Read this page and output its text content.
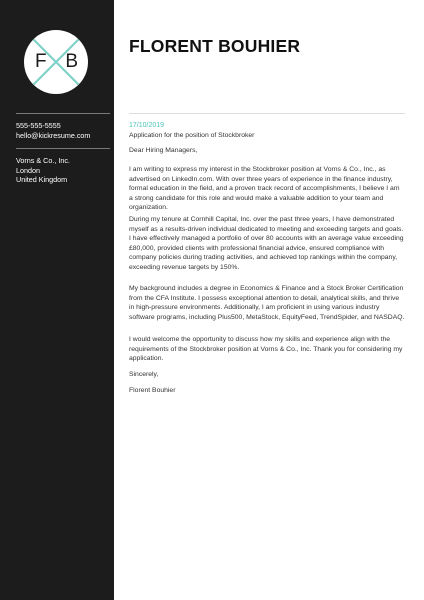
F B
555-555-5555
hello@kickresume.com
Vorns & Co., Inc.
London
United Kingdom
FLORENT BOUHIER
17/10/2019

Application for the position of Stockbroker

Dear Hiring Managers,

I am writing to express my interest in the Stockbroker position at Vorns & Co., Inc., as advertised on LinkedIn.com. With over three years of experience in the finance industry, formal education in the field, and a proven track record of accomplishments, I believe I am a strong candidate for this role and would make a valuable addition to your team and organization.

During my tenure at Cornhill Capital, Inc. over the past three years, I have demonstrated myself as a results-driven individual dedicated to meeting and exceeding targets and goals. I have effectively managed a portfolio of over 80 accounts with an average value exceeding £80,000, provided clients with professional financial advice, ensured compliance with company policies during trading activities, and achieved top rankings within the company, exceeding revenue targets by 150%.

My background includes a degree in Economics & Finance and a Stock Broker Certification from the CFA Institute. I possess exceptional attention to detail, analytical skills, and thrive in high-pressure environments. Additionally, I am proficient in using various industry software programs, including Plus500, MetaStock, EquityFeed, TrendSpider, and NASDAQ.

I would welcome the opportunity to discuss how my skills and experience align with the requirements of the Stockbroker position at Vorns & Co., Inc. Thank you for considering my application.

Sincerely,

Florent Bouhier
